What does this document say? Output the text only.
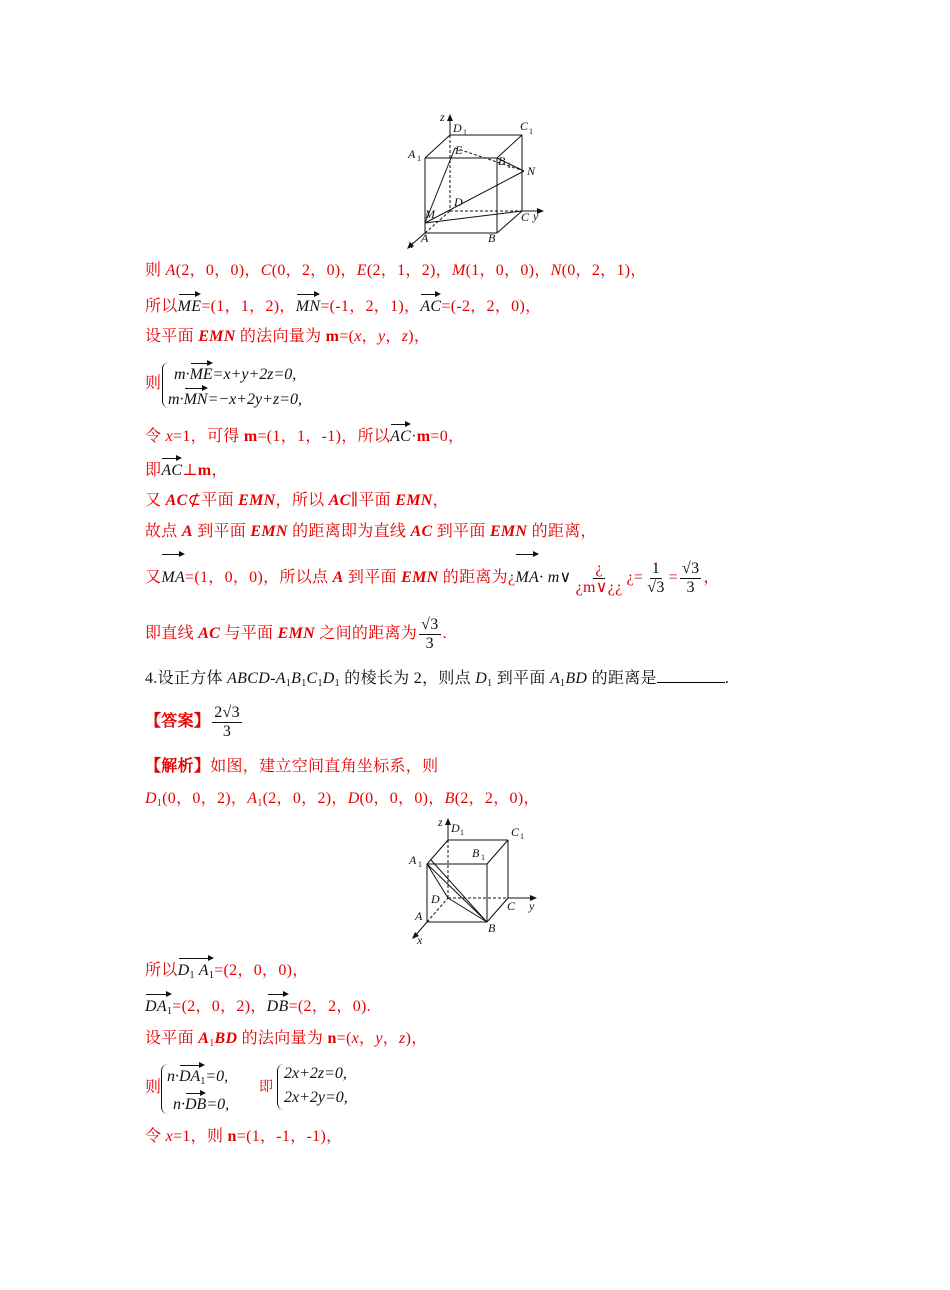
z
D 1	C 1
A 1
E
B 1 N
D
M	C y
A	B
x
则 A(2，0，0)，C(0，2，0)，E(2，1，2)，M(1，0，0)，N(0，2，1)，
所以ME=(1，1，2)，MN=(-1，2，1)，AC=(-2，2，0)，
设平面 EMN 的法向量为 m=(x，y，z)，
则
m·ME=x+y+2z=0,
m·MN=−x+2y+z=0,
令 x=1，可得 m=(1，1，-1)，所以AC·m=0，
即AC⊥m，
又 AC⊄平面 EMN，所以 AC∥平面 EMN，
故点 A 到平面 EMN 的距离即为直线 AC 到平面 EMN 的距离，
又MA=(1，0，0)，所以点 A 到平面 EMN 的距离为¿MA· m∨ $\frac{¿}{¿m\vee¿¿}$ ¿= $\frac{1}{√3} = \frac{√3}{3}$ ，
即直线 AC 与平面 EMN 之间的距离为 $\frac{√3}{3}$ .
4.设正方体 ABCD-$A_1B_1C_1D_1$ 的棱长为 2，则点 $D_1$ 到平面 $A_1BD$ 的距离是	.
【答案】 $\frac{2√3}{3}$
【解析】如图，建立空间直角坐标系，则
$D_1(0$，0，2)，$A_1(2$，0，2)，D(0，0，0)，B(2，2，0)，
z D 1	C 1
A 1
B 1
D	C y
A
B
x
所以$D_1$ $A_1=(2$，0，0)，
$DA_1=(2$，0，2)，DB=(2，2，0).
设平面 $A_1BD$ 的法向量为 n=(x，y，z)，
则
$n\cdot DA_1=0$,
n·DB=0,
即
2x+2z=0,
2x+2y=0,
令 x=1，则 n=(1，-1，-1)，
